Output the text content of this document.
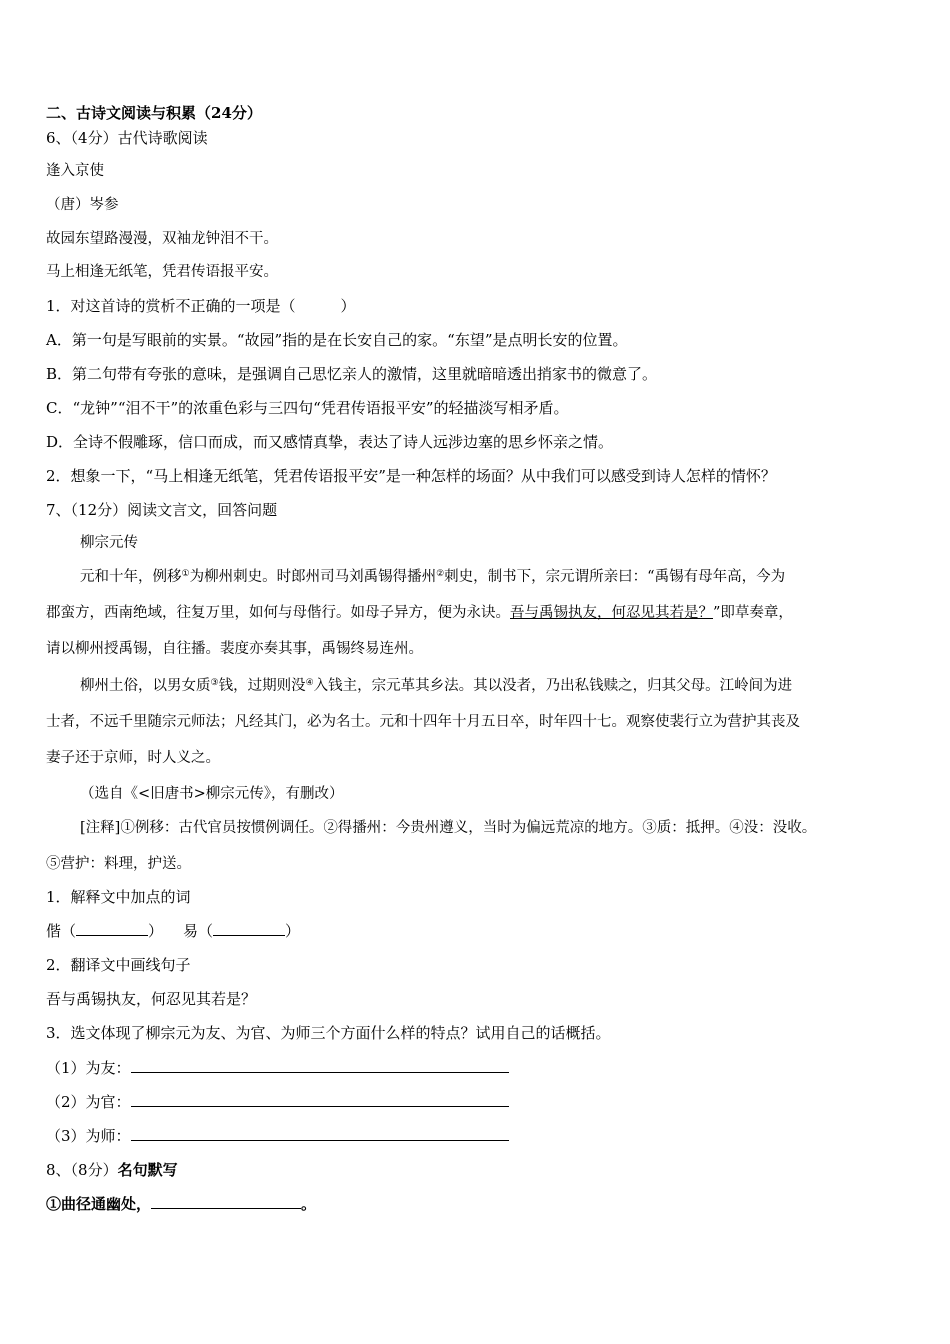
二、古诗文阅读与积累（24分）
6、（4分）古代诗歌阅读
逢入京使
（唐）岑参
故园东望路漫漫，双袖龙钟泪不干。
马上相逢无纸笔，凭君传语报平安。
1．对这首诗的赏析不正确的一项是（　　　）
A．第一句是写眼前的实景。“故园”指的是在长安自己的家。“东望”是点明长安的位置。
B．第二句带有夸张的意味，是强调自己思忆亲人的激情，这里就暗暗透出捎家书的微意了。
C．“龙钟”“泪不干”的浓重色彩与三四句“凭君传语报平安”的轻描淡写相矛盾。
D．全诗不假雕琢，信口而成，而又感情真挚，表达了诗人远涉边塞的思乡怀亲之情。
2．想象一下，“马上相逢无纸笔，凭君传语报平安”是一种怎样的场面？从中我们可以感受到诗人怎样的情怀？
7、（12分）阅读文言文，回答问题
柳宗元传
元和十年，例移①为柳州刺史。时郎州司马刘禹锡得播州②刺史，制书下，宗元谓所亲曰：“禹锡有母年高，今为
郡蛮方，西南绝域，往复万里，如何与母偕行。如母子异方，便为永诀。吾与禹锡执友，何忍见其若是？”即草奏章，
请以柳州授禹锡，自往播。裴度亦奏其事，禹锡终易连州。
柳州土俗，以男女质③钱，过期则没④入钱主，宗元革其乡法。其以没者，乃出私钱赎之，归其父母。江岭间为进
士者，不远千里随宗元师法；凡经其门，必为名士。元和十四年十月五日卒，时年四十七。观察使裴行立为营护其丧及
妻子还于京师，时人义之。
（选自《<旧唐书>柳宗元传》，有删改）
[注释]①例移：古代官员按惯例调任。②得播州：今贵州遵义，当时为偏远荒凉的地方。③质：抵押。④没：没收。
⑤营护：料理，护送。
1．解释文中加点的词
偕（	） 易（	）
2．翻译文中画线句子
吾与禹锡执友，何忍见其若是？
3．选文体现了柳宗元为友、为官、为师三个方面什么样的特点？试用自己的话概括。
（1）为友：
（2）为官：
（3）为师：
8、（8分）名句默写
①曲径通幽处，	。
